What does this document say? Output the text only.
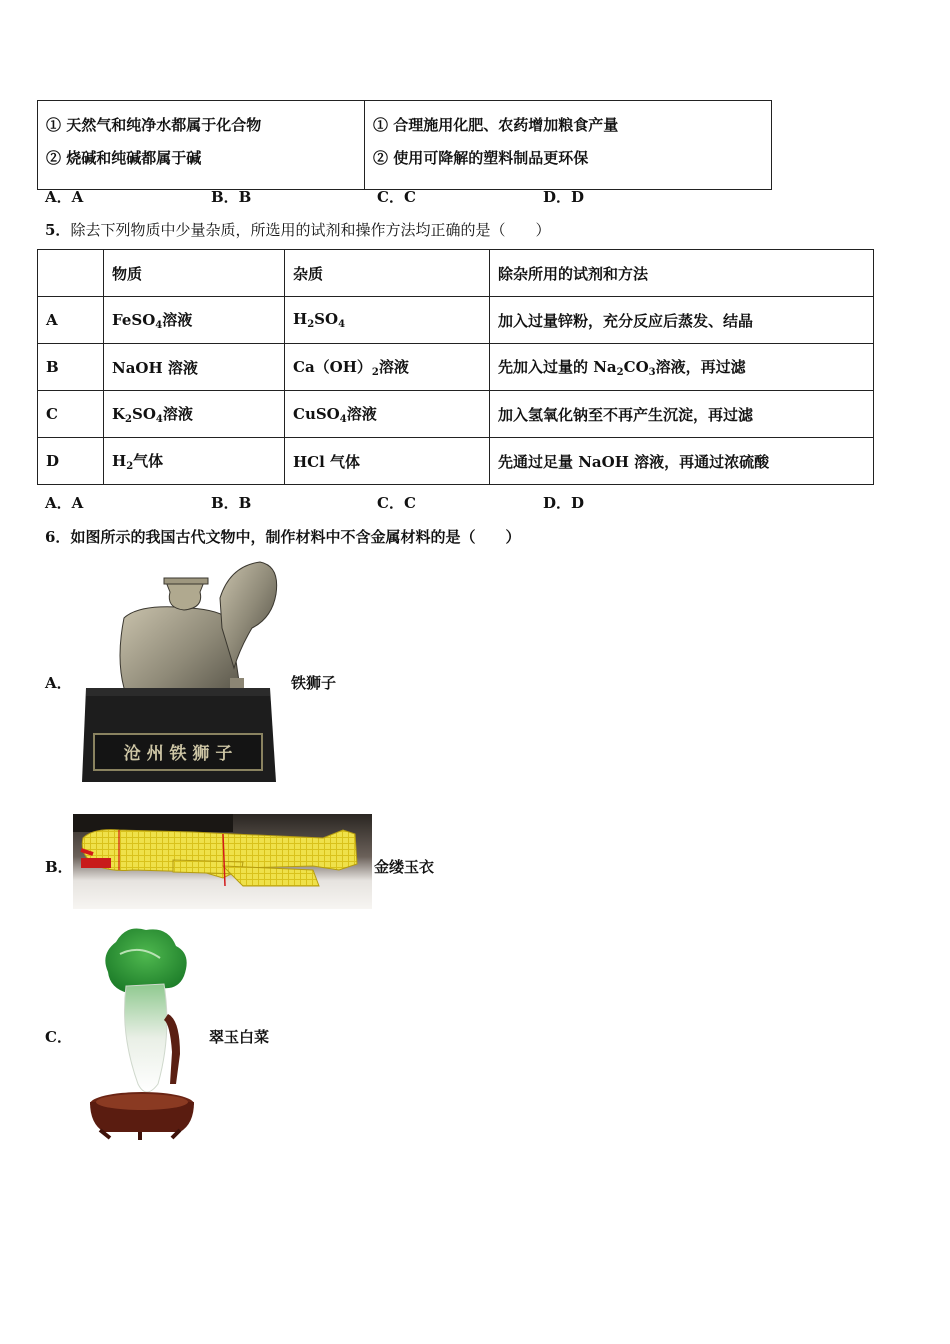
① 天然气和纯净水都属于化合物
② 烧碱和纯碱都属于碱

① 合理施用化肥、农药增加粮食产量
② 使用可降解的塑料制品更环保
A．A	B．B	C．C	D．D
5．除去下列物质中少量杂质，所选用的试剂和操作方法均正确的是（　　）
	物质	杂质	除杂所用的试剂和方法
A	FeSO$_4$溶液	$H_2SO_4$	加入过量锌粉，充分反应后蒸发、结晶
B	NaOH 溶液	$Ca(OH)_2$溶液	先加入过量的 $Na_2CO_3$溶液，再过滤
C	$K_2SO_4$溶液	CuSO$_4$溶液	加入氢氧化钠至不再产生沉淀，再过滤
D	$H_2$气体	HCl 气体	先通过足量 NaOH 溶液，再通过浓硫酸
A．A	B．B	C．C	D．D
6．如图所示的我国古代文物中，制作材料中不含金属材料的是（　　）
A．
沧 州 铁 狮 子
铁狮子
B．	金缕玉衣
C．	翠玉白菜
